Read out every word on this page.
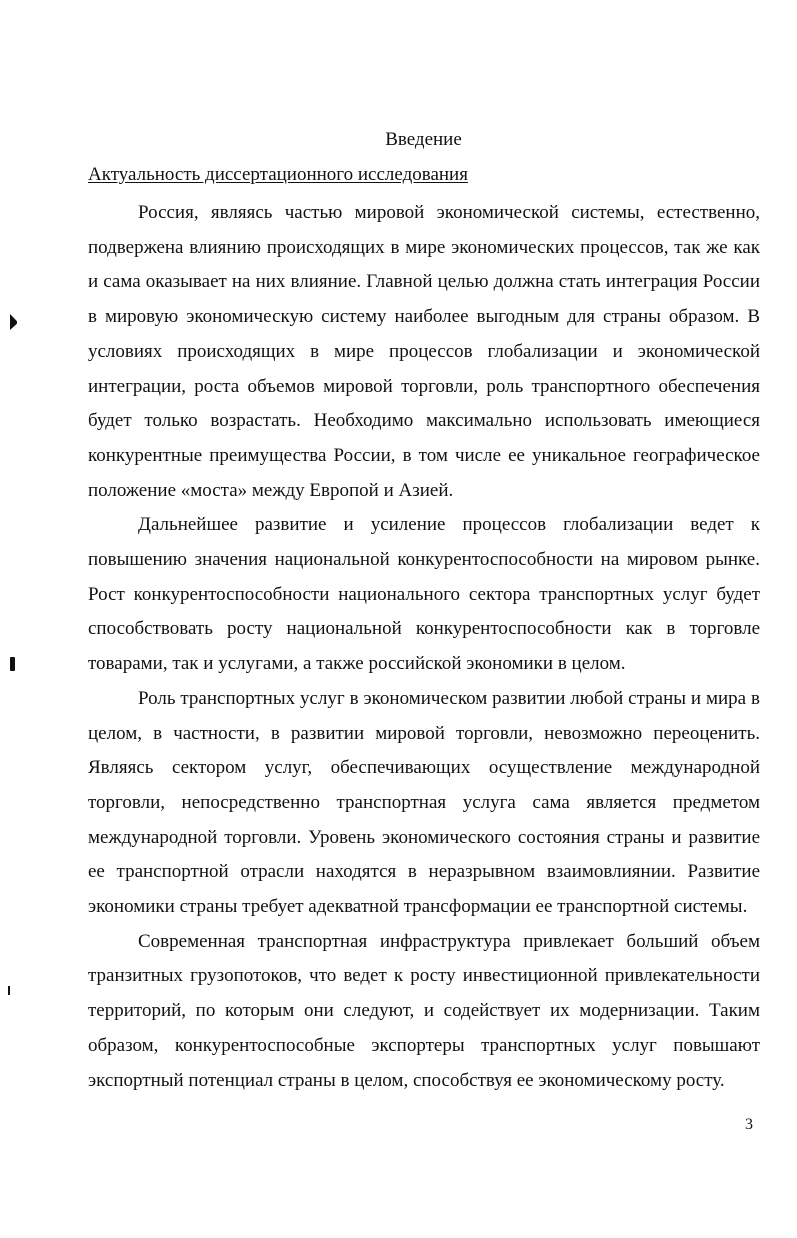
Введение
Актуальность диссертационного исследования

Россия, являясь частью мировой экономической системы, естественно, подвержена влиянию происходящих в мире экономических процессов, так же как и сама оказывает на них влияние. Главной целью должна стать интеграция России в мировую экономическую систему наиболее выгодным для страны образом. В условиях происходящих в мире процессов глобализации и экономической интеграции, роста объемов мировой торговли, роль транспортного обеспечения будет только возрастать. Необходимо максимально использовать имеющиеся конкурентные преимущества России, в том числе ее уникальное географическое положение «моста» между Европой и Азией.

Дальнейшее развитие и усиление процессов глобализации ведет к повышению значения национальной конкурентоспособности на мировом рынке. Рост конкурентоспособности национального сектора транспортных услуг будет способствовать росту национальной конкурентоспособности как в торговле товарами, так и услугами, а также российской экономики в целом.

Роль транспортных услуг в экономическом развитии любой страны и мира в целом, в частности, в развитии мировой торговли, невозможно переоценить. Являясь сектором услуг, обеспечивающих осуществление международной торговли, непосредственно транспортная услуга сама является предметом международной торговли. Уровень экономического состояния страны и развитие ее транспортной отрасли находятся в неразрывном взаимовлиянии. Развитие экономики страны требует адекватной трансформации ее транспортной системы.

Современная транспортная инфраструктура привлекает больший объем транзитных грузопотоков, что ведет к росту инвестиционной привлекательности территорий, по которым они следуют, и содействует их модернизации. Таким образом, конкурентоспособные экспортеры транспортных услуг повышают экспортный потенциал страны в целом, способствуя ее экономическому росту.

3
